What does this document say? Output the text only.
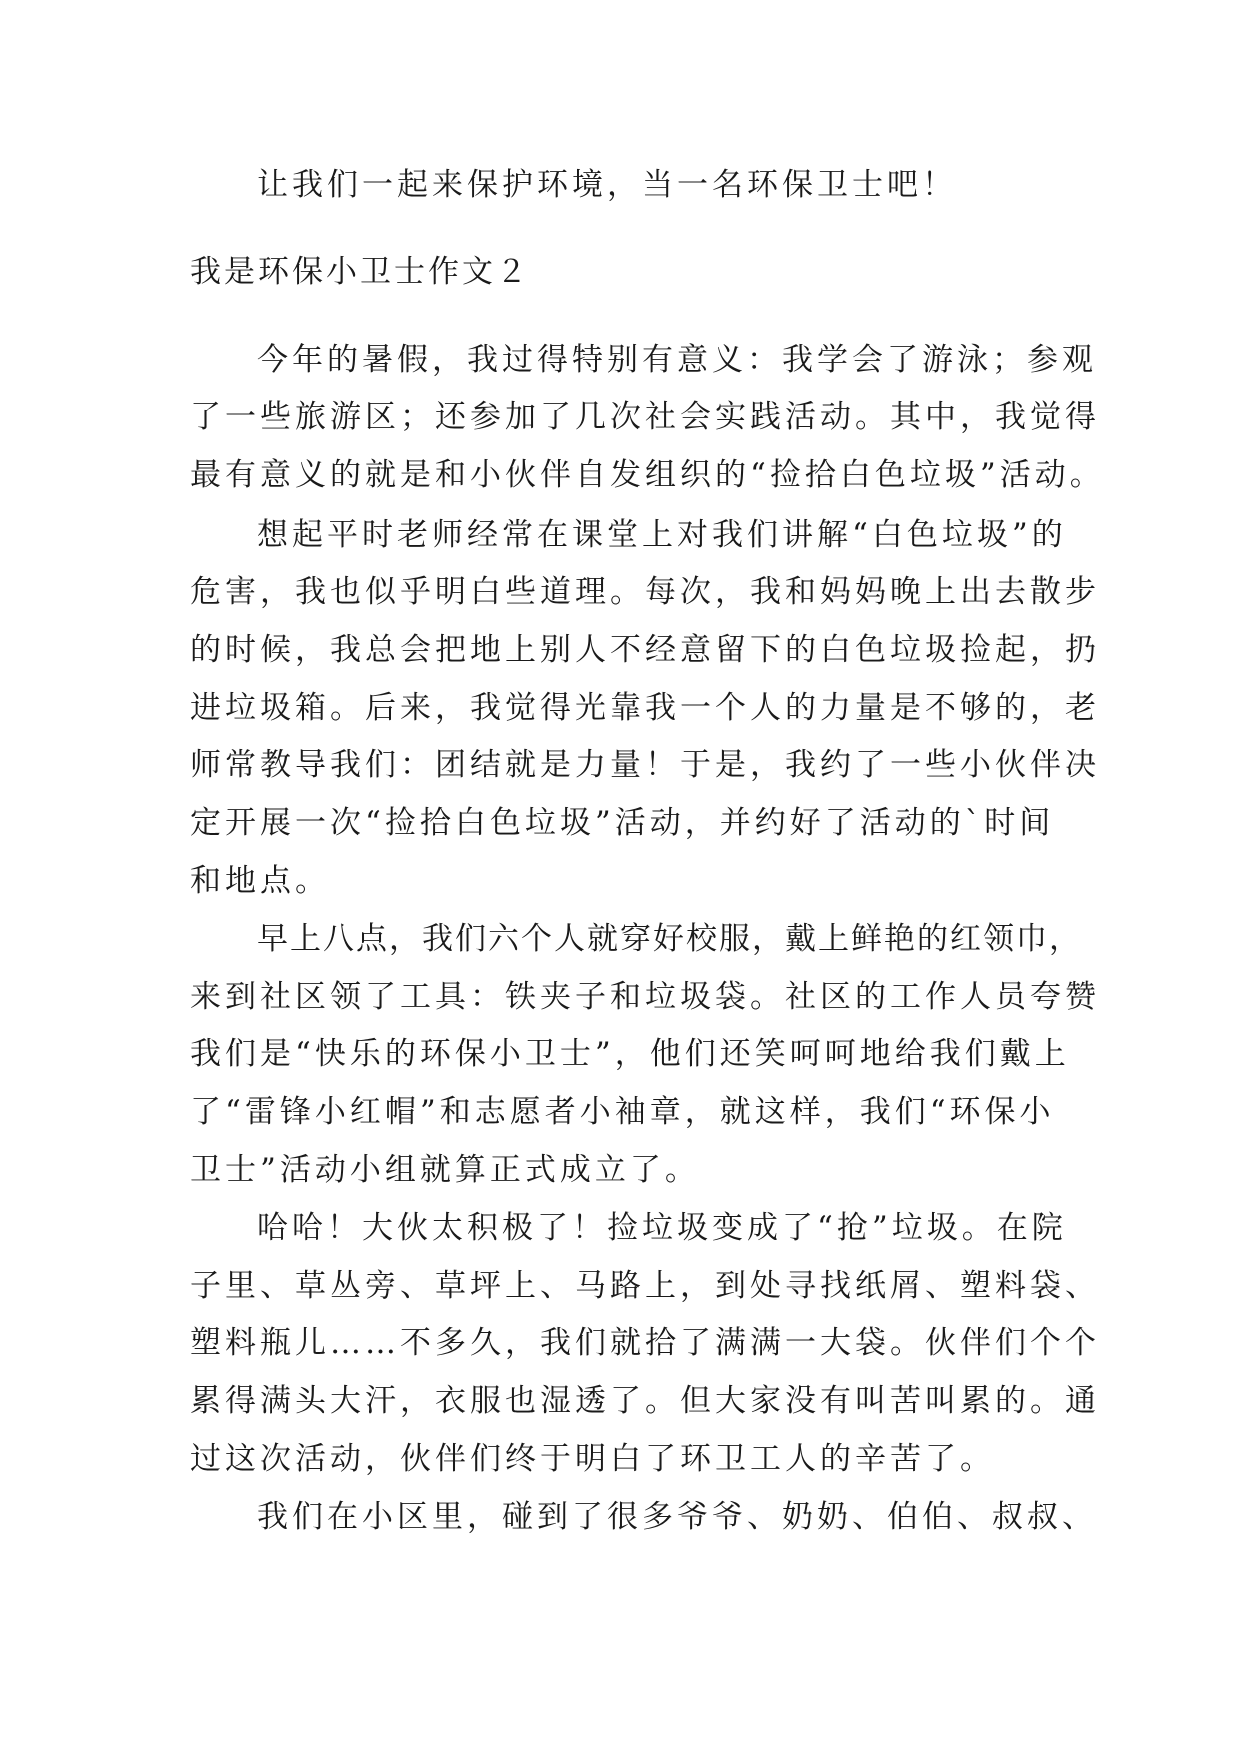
让我们一起来保护环境，当一名环保卫士吧！
我是环保小卫士作文２
今年的暑假，我过得特别有意义：我学会了游泳；参观
了一些旅游区；还参加了几次社会实践活动。其中，我觉得
最有意义的就是和小伙伴自发组织的“捡拾白色垃圾”活动。
想起平时老师经常在课堂上对我们讲解“白色垃圾”的
危害，我也似乎明白些道理。每次，我和妈妈晚上出去散步
的时候，我总会把地上别人不经意留下的白色垃圾捡起，扔
进垃圾箱。后来，我觉得光靠我一个人的力量是不够的，老
师常教导我们：团结就是力量！于是，我约了一些小伙伴决
定开展一次“捡拾白色垃圾”活动，并约好了活动的`时间
和地点。
早上八点，我们六个人就穿好校服，戴上鲜艳的红领巾，
来到社区领了工具：铁夹子和垃圾袋。社区的工作人员夸赞
我们是“快乐的环保小卫士”，他们还笑呵呵地给我们戴上
了“雷锋小红帽”和志愿者小袖章，就这样，我们“环保小
卫士”活动小组就算正式成立了。
哈哈！大伙太积极了！捡垃圾变成了“抢”垃圾。在院
子里、草丛旁、草坪上、马路上，到处寻找纸屑、塑料袋、
塑料瓶儿……不多久，我们就拾了满满一大袋。伙伴们个个
累得满头大汗，衣服也湿透了。但大家没有叫苦叫累的。通
过这次活动，伙伴们终于明白了环卫工人的辛苦了。
我们在小区里，碰到了很多爷爷、奶奶、伯伯、叔叔、
